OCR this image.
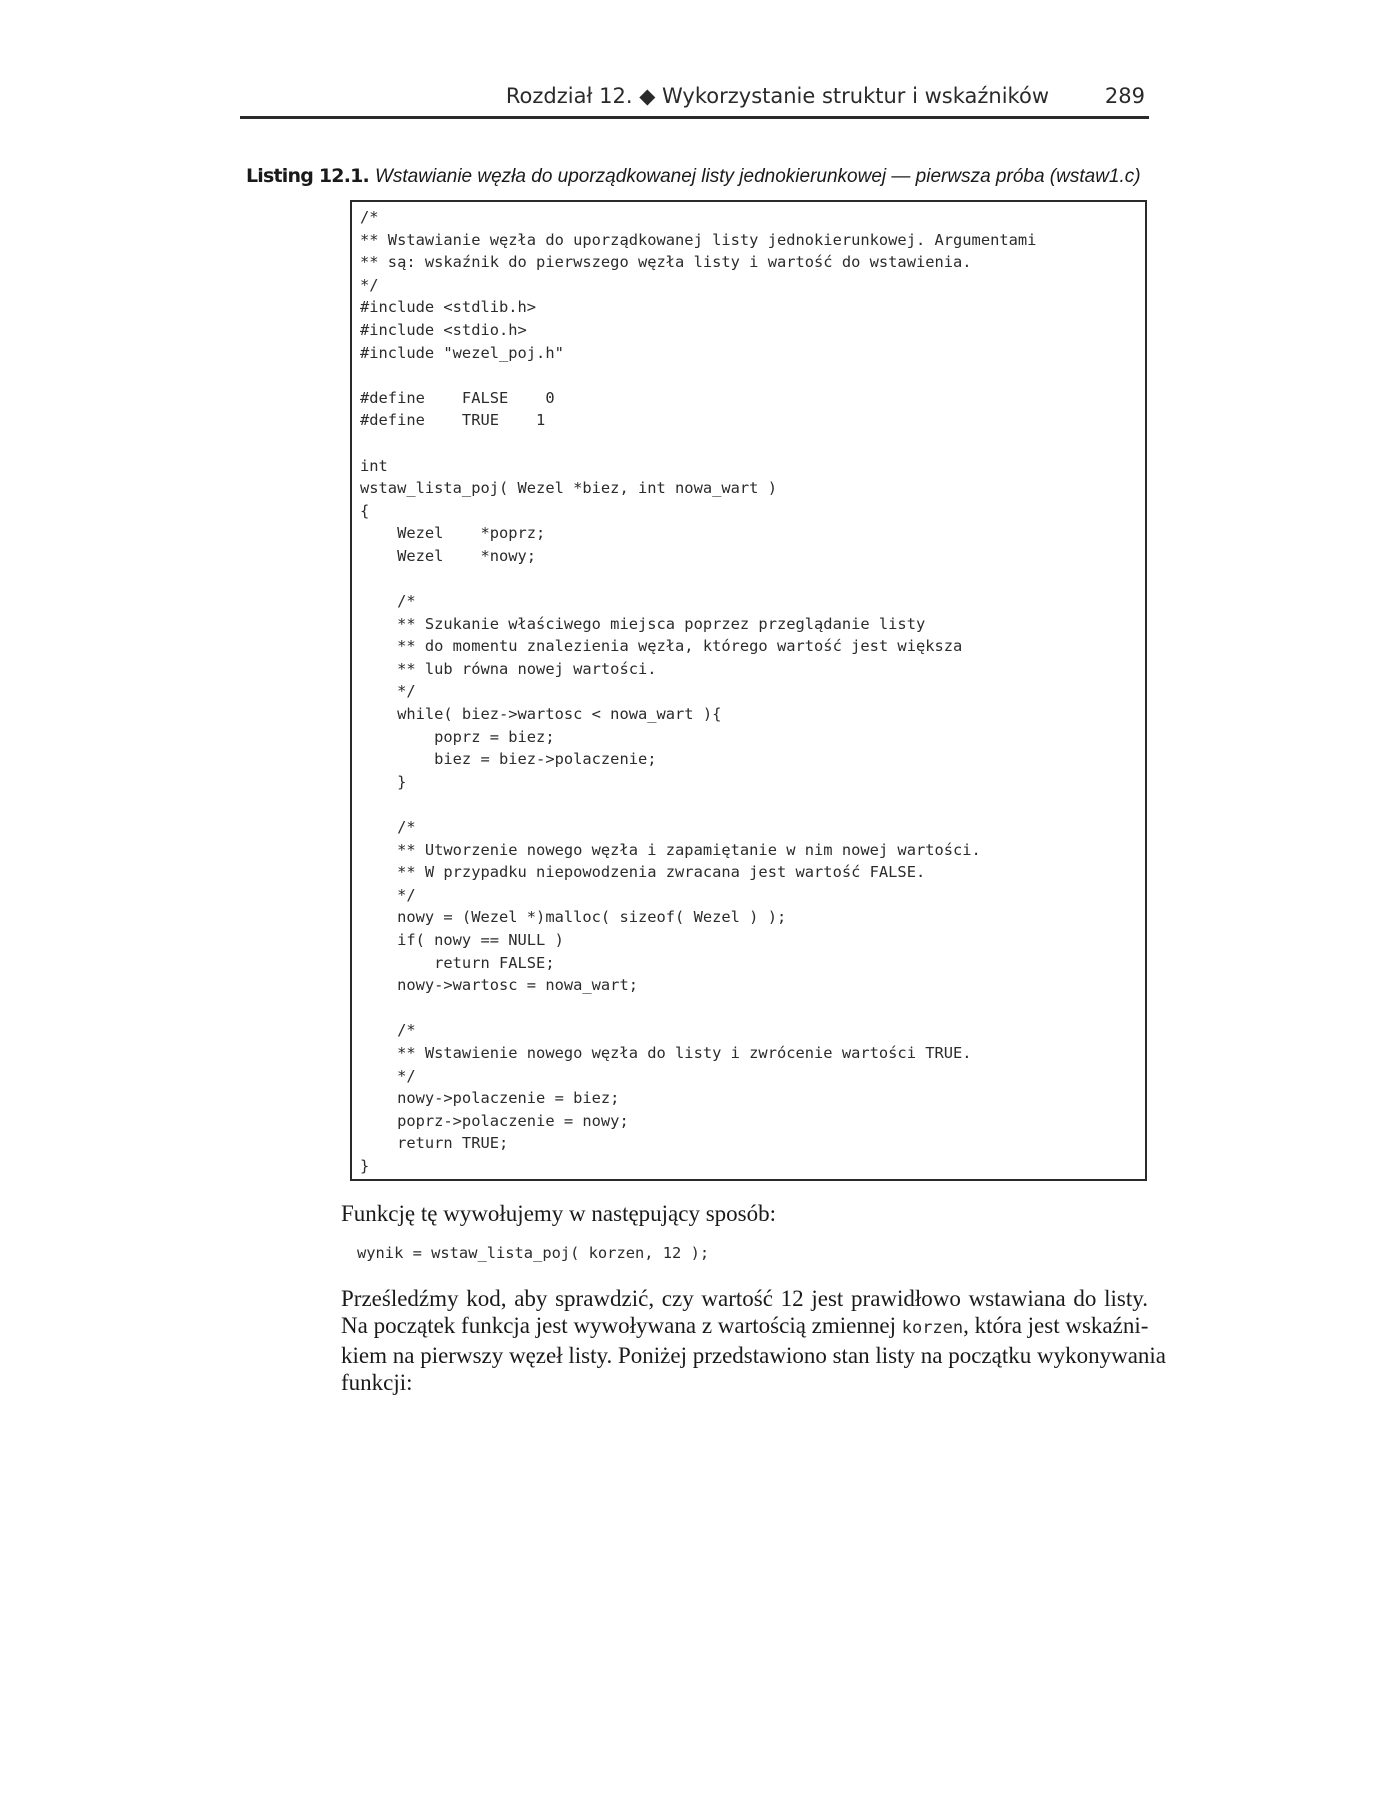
Rozdział 12. ◆ Wykorzystanie struktur i wskaźników	289
Listing 12.1. Wstawianie węzła do uporządkowanej listy jednokierunkowej — pierwsza próba (wstaw1.c)
/*
** Wstawianie węzła do uporządkowanej listy jednokierunkowej. Argumentami
** są: wskaźnik do pierwszego węzła listy i wartość do wstawienia.
*/
#include <stdlib.h>
#include <stdio.h>
#include "wezel_poj.h"

#define    FALSE    0
#define    TRUE    1

int
wstaw_lista_poj( Wezel *biez, int nowa_wart )
{
Wezel    *poprz;
Wezel    *nowy;

/*
** Szukanie właściwego miejsca poprzez przeglądanie listy
** do momentu znalezienia węzła, którego wartość jest większa
** lub równa nowej wartości.
*/
while( biez->wartosc < nowa_wart ){
poprz = biez;
biez = biez->polaczenie;
}

/*
** Utworzenie nowego węzła i zapamiętanie w nim nowej wartości.
** W przypadku niepowodzenia zwracana jest wartość FALSE.
*/
nowy = (Wezel *)malloc( sizeof( Wezel ) );
if( nowy == NULL )
return FALSE;
nowy->wartosc = nowa_wart;

/*
** Wstawienie nowego węzła do listy i zwrócenie wartości TRUE.
*/
nowy->polaczenie = biez;
poprz->polaczenie = nowy;
return TRUE;
}
Funkcję tę wywołujemy w następujący sposób:
wynik = wstaw_lista_poj( korzen, 12 );
Prześledźmy kod, aby sprawdzić, czy wartość 12 jest prawidłowo wstawiana do listy.
Na początek funkcja jest wywoływana z wartością zmiennej korzen, która jest wskaźni-
kiem na pierwszy węzeł listy. Poniżej przedstawiono stan listy na początku wykonywania
funkcji:
